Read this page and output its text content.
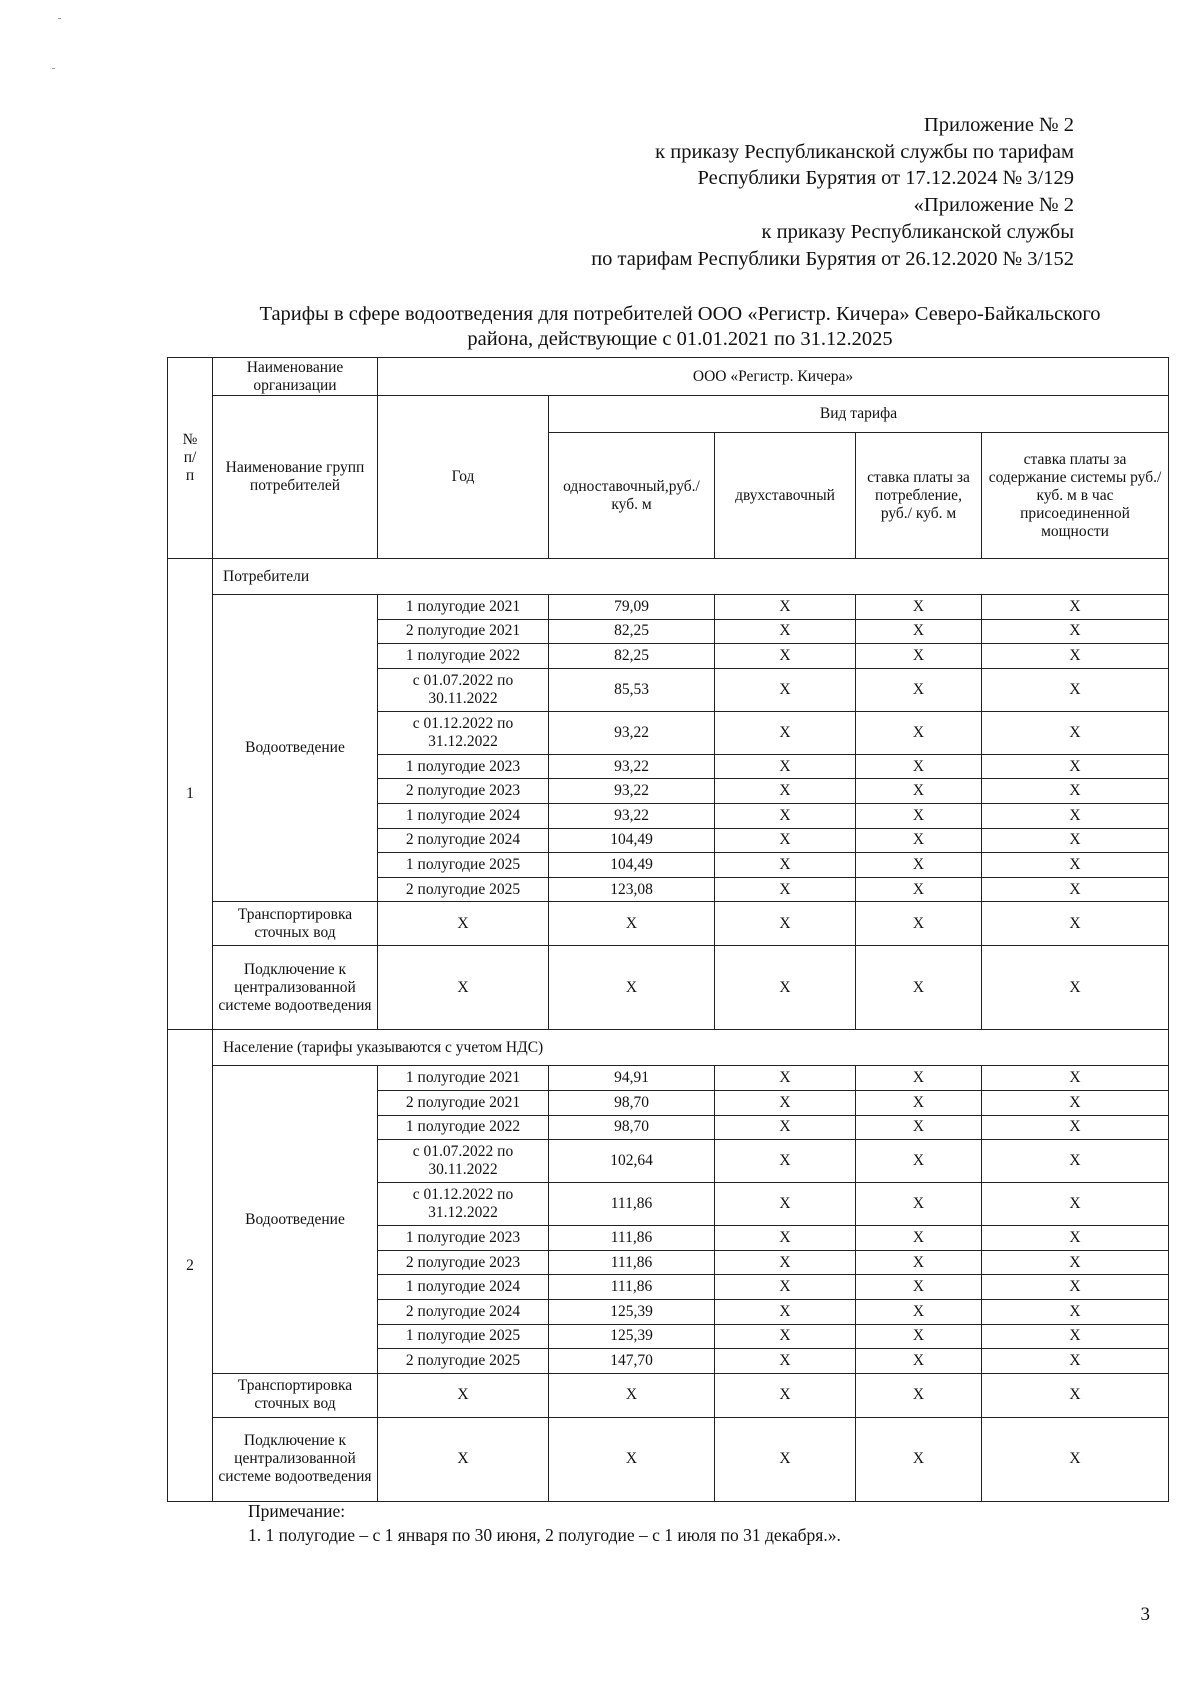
Приложение № 2
к приказу Республиканской службы по тарифам
Республики Бурятия от 17.12.2024 № 3/129
«Приложение № 2
к приказу Республиканской службы
по тарифам Республики Бурятия от 26.12.2020 № 3/152
Тарифы в сфере водоотведения для потребителей ООО «Регистр. Кичера» Северо-Байкальского
района, действующие с 01.01.2021 по 31.12.2025
№ п/ п	Наименование организации	ООО «Регистр. Кичера»				
	Наименование групп потребителей	Год	Вид тарифа			
			одноставочный,руб./ куб. м	двухставочный	ставка платы за потребление, руб./ куб. м	ставка платы за содержание системы руб./куб. м в час присоединенной мощности
1	Потребители					
	Водоотведение	1 полугодие 2021	79,09	X	X	X
		2 полугодие 2021	82,25	X	X	X
		1 полугодие 2022	82,25	X	X	X
		с 01.07.2022 по 30.11.2022	85,53	X	X	X
		с 01.12.2022 по 31.12.2022	93,22	X	X	X
		1 полугодие 2023	93,22	X	X	X
		2 полугодие 2023	93,22	X	X	X
		1 полугодие 2024	93,22	X	X	X
		2 полугодие 2024	104,49	X	X	X
		1 полугодие 2025	104,49	X	X	X
		2 полугодие 2025	123,08	X	X	X
	Транспортировка сточных вод	X	X	X	X	X
	Подключение к централизованной системе водоотведения	X	X	X	X	X
2	Население (тарифы указываются с учетом НДС)					
	Водоотведение	1 полугодие 2021	94,91	X	X	X
		2 полугодие 2021	98,70	X	X	X
		1 полугодие 2022	98,70	X	X	X
		с 01.07.2022 по 30.11.2022	102,64	X	X	X
		с 01.12.2022 по 31.12.2022	111,86	X	X	X
		1 полугодие 2023	111,86	X	X	X
		2 полугодие 2023	111,86	X	X	X
		1 полугодие 2024	111,86	X	X	X
		2 полугодие 2024	125,39	X	X	X
		1 полугодие 2025	125,39	X	X	X
		2 полугодие 2025	147,70	X	X	X
	Транспортировка сточных вод	X	X	X	X	X
	Подключение к централизованной системе водоотведения	X	X	X	X	X
Примечание:
1. 1 полугодие – с 1 января по 30 июня, 2 полугодие – с 1 июля по 31 декабря.».
3
